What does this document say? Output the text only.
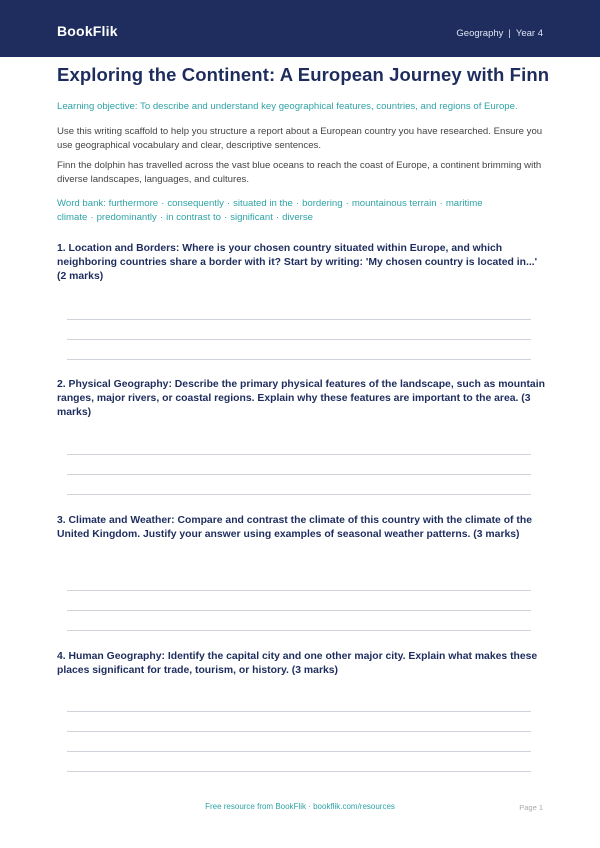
BookFlik	Geography | Year 4
Exploring the Continent: A European Journey with Finn
Learning objective: To describe and understand key geographical features, countries, and regions of Europe.

Use this writing scaffold to help you structure a report about a European country you have researched. Ensure you use geographical vocabulary and clear, descriptive sentences.

Finn the dolphin has travelled across the vast blue oceans to reach the coast of Europe, a continent brimming with diverse landscapes, languages, and cultures.

Word bank: furthermore · consequently · situated in the · bordering · mountainous terrain · maritime climate · predominantly · in contrast to · significant · diverse

1. Location and Borders: Where is your chosen country situated within Europe, and which neighboring countries share a border with it? Start by writing: 'My chosen country is located in...' (2 marks)

2. Physical Geography: Describe the primary physical features of the landscape, such as mountain ranges, major rivers, or coastal regions. Explain why these features are important to the area. (3 marks)

3. Climate and Weather: Compare and contrast the climate of this country with the climate of the United Kingdom. Justify your answer using examples of seasonal weather patterns. (3 marks)

4. Human Geography: Identify the capital city and one other major city. Explain what makes these places significant for trade, tourism, or history. (3 marks)

Free resource from BookFlik · bookflik.com/resources	Page 1
